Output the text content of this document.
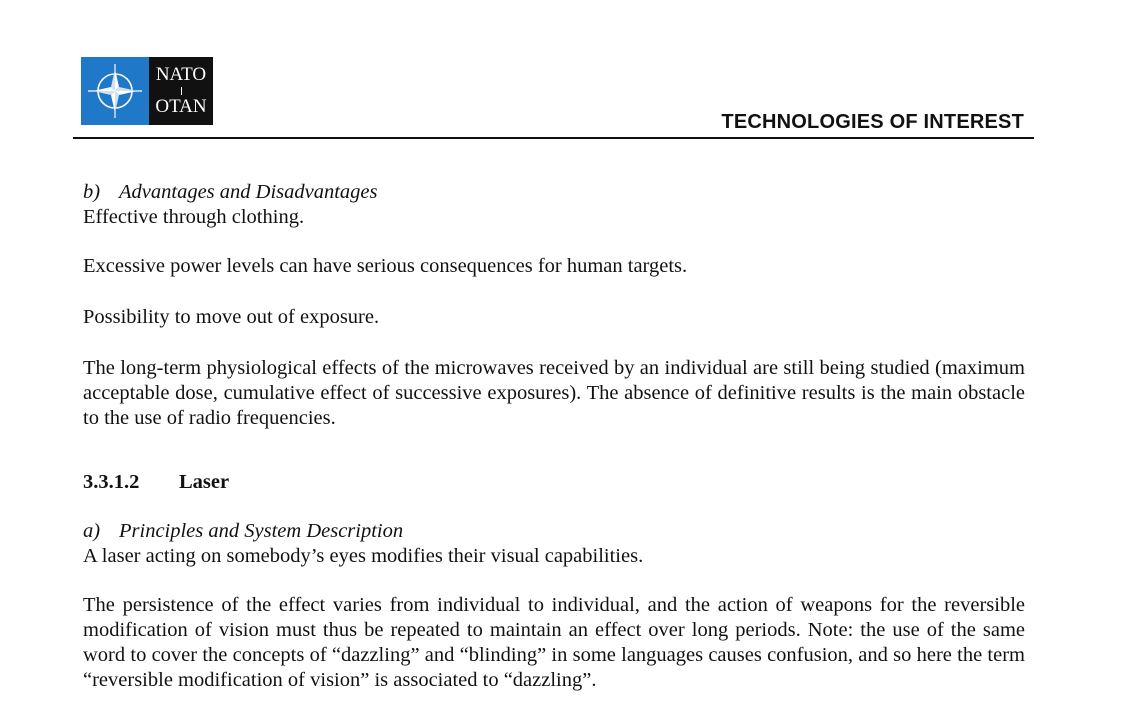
NATO
OTAN
TECHNOLOGIES OF INTEREST

b) Advantages and Disadvantages

Effective through clothing.

Excessive power levels can have serious consequences for human targets.

Possibility to move out of exposure.

The long-term physiological effects of the microwaves received by an individual are still being studied (maximum acceptable dose, cumulative effect of successive exposures). The absence of definitive results is the main obstacle to the use of radio frequencies.

3.3.1.2 Laser

a) Principles and System Description

A laser acting on somebody’s eyes modifies their visual capabilities.

The persistence of the effect varies from individual to individual, and the action of weapons for the reversible modification of vision must thus be repeated to maintain an effect over long periods. Note: the use of the same word to cover the concepts of “dazzling” and “blinding” in some languages causes confusion, and so here the term “reversible modification of vision” is associated to “dazzling”.
